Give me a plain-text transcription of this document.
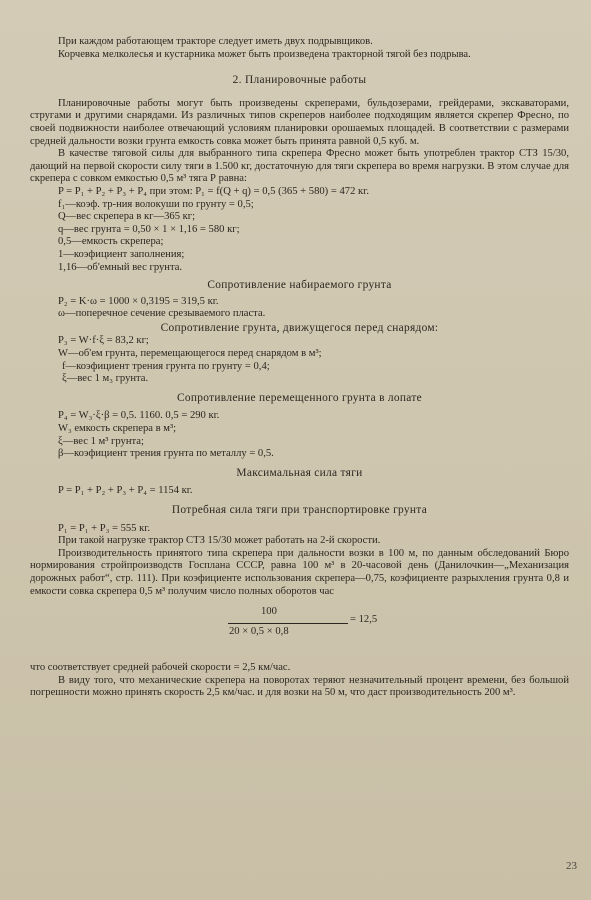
При каждом работающем тракторе следует иметь двух подрывщиков.

Корчевка мелколесья и кустарника может быть произведена тракторной тягой без подрыва.

2. Планировочные работы

Планировочные работы могут быть произведены скреперами, бульдозерами, грейдерами, экскаваторами, стругами и другими снарядами. Из различных типов скреперов наиболее подходящим является скрепер Фресно, по своей подвижности наиболее отвечающий условиям планировки орошаемых площадей. В соответствии с размерами средней дальности возки грунта емкость совка может быть принята равной 0,5 куб. м.

В качестве тяговой силы для выбранного типа скрепера Фресно может быть употреблен трактор СТЗ 15/30, дающий на первой скорости силу тяги в 1.500 кг, достаточную для тяги скрепера во время нагрузки. В этом случае для скрепера с совком емкостью 0,5 м³ тяга Р равна:

P = P₁ + P₂ + P₃ + P₄ при этом: P₁ = f(Q + q) = 0,5 (365 + 580) = 472 кг.

f₁—коэф. тр-ния волокуши по грунту = 0,5;

Q—вес скрепера в кг—365 кг;

q—вес грунта = 0,50 × 1 × 1,16 = 580 кг;

0,5—емкость скрепера;

1—коэфициент заполнения;

1,16—об'емный вес грунта.

Сопротивление набираемого грунта

P₂ = K·ω = 1000 × 0,3195 = 319,5 кг.

ω—поперечное сечение срезываемого пласта.

Сопротивление грунта, движущегося перед снарядом:

P₃ = W·f·ξ = 83,2 кг;

W—об'ем грунта, перемещающегося перед снарядом в м³;

f—коэфициент трения грунта по грунту = 0,4;

ξ—вес 1 м₃ грунта.

Сопротивление перемещенного грунта в лопате

P₄ = W₃·ξ·β = 0,5. 1160. 0,5 = 290 кг.

W₃ емкость скрепера в м³;

ξ—вес 1 м³ грунта;

β—коэфициент трения грунта по металлу = 0,5.

Максимальная сила тяги

P = P₁ + P₂ + P₃ + P₄ = 1154 кг.

Потребная сила тяги при транспортировке грунта

P₁ = P₁ + P₃ = 555 кг.

При такой нагрузке трактор СТЗ 15/30 может работать на 2-й скорости.

Производительность принятого типа скрепера при дальности возки в 100 м, по данным обследований Бюро нормирования стройпроизводств Госплана СССР, равна 100 м³ в 20-часовой день (Данилочкин—„Механизация дорожных работ“, стр. 111). При коэфициенте использования скрепера—0,75, коэфициенте разрыхления грунта 0,8 и емкости совка скрепера 0,5 м³ получим число полных оборотов час

100
20 × 0,5 × 0,8
= 12,5

что соответствует средней рабочей скорости = 2,5 км/час.

В виду того, что механические скрепера на поворотах теряют незначительный процент времени, без большой погрешности можно принять скорость 2,5 км/час. и для возки на 50 м, что даст производительность 200 м³.

23
